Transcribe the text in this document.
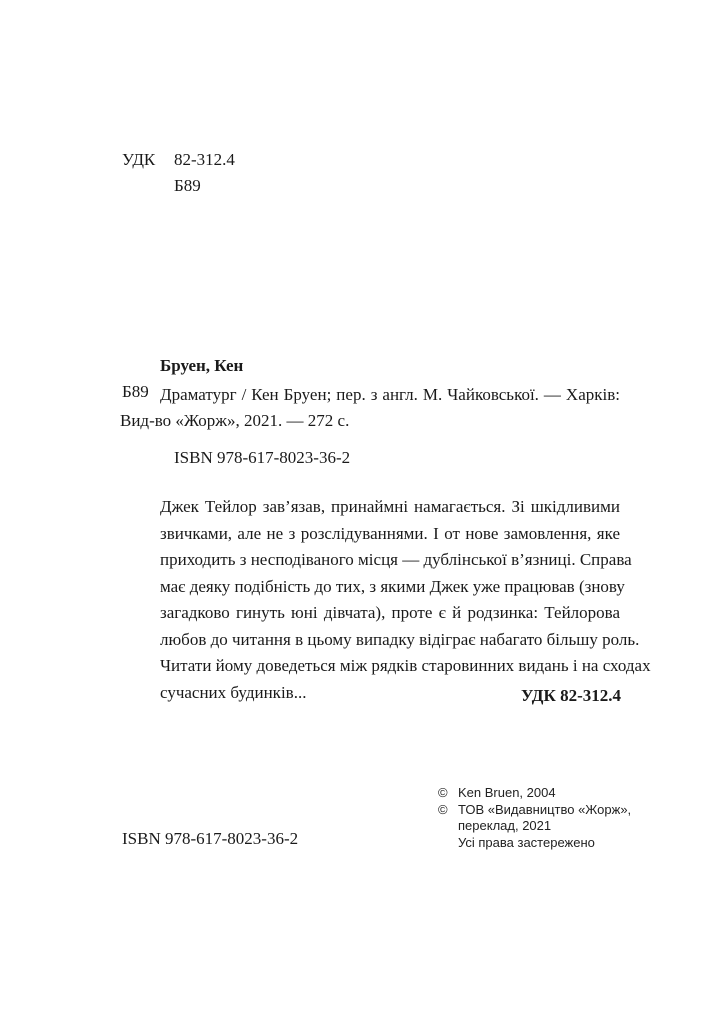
УДК 82-312.4
Б89
Бруен, Кен
Б89 Драматург / Кен Бруен; пер. з англ. М. Чайковської. — Харків:
Вид-во «Жорж», 2021. — 272 с.
ISBN 978-617-8023-36-2
Джек Тейлор зав’язав, принаймні намагається. Зі шкідливими
звичками, але не з розслідуваннями. І от нове замовлення, яке
приходить з несподіваного місця — дублінської в’язниці. Справа
має деяку подібність до тих, з якими Джек уже працював (знову
загадково гинуть юні дівчата), проте є й родзинка: Тейлорова
любов до читання в цьому випадку відіграє набагато більшу роль.
Читати йому доведеться між рядків старовинних видань і на сходах
сучасних будинків...	УДК 82-312.4
ISBN 978-617-8023-36-2
© Ken Bruen, 2004
© ТОВ «Видавництво «Жорж»,
переклад, 2021
Усі права застережено
